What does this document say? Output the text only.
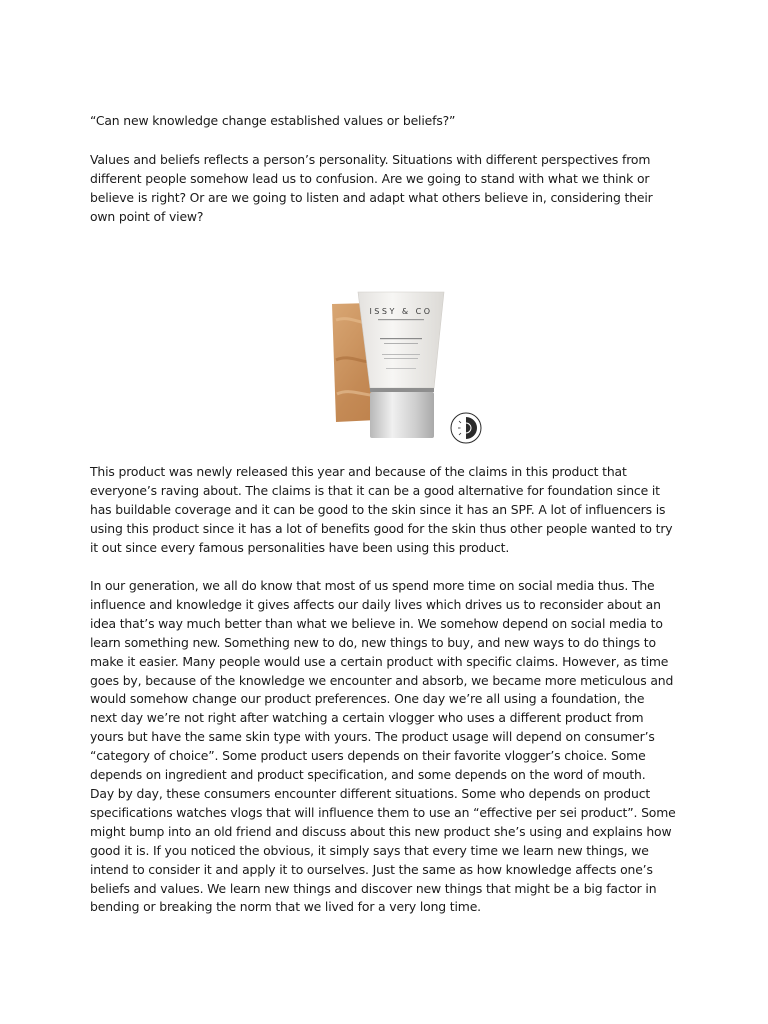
“Can new knowledge change established values or beliefs?”

Values and beliefs reflects a person’s personality. Situations with different perspectives from
different people somehow lead us to confusion. Are we going to stand with what we think or
believe is right? Or are we going to listen and adapt what others believe in, considering their
own point of view?

ISSY & CO

This product was newly released this year and because of the claims in this product that
everyone’s raving about. The claims is that it can be a good alternative for foundation since it
has buildable coverage and it can be good to the skin since it has an SPF. A lot of influencers is
using this product since it has a lot of benefits good for the skin thus other people wanted to try
it out since every famous personalities have been using this product.

In our generation, we all do know that most of us spend more time on social media thus. The
influence and knowledge it gives affects our daily lives which drives us to reconsider about an
idea that’s way much better than what we believe in. We somehow depend on social media to
learn something new. Something new to do, new things to buy, and new ways to do things to
make it easier. Many people would use a certain product with specific claims. However, as time
goes by, because of the knowledge we encounter and absorb, we became more meticulous and
would somehow change our product preferences. One day we’re all using a foundation, the
next day we’re not right after watching a certain vlogger who uses a different product from
yours but have the same skin type with yours. The product usage will depend on consumer’s
“category of choice”. Some product users depends on their favorite vlogger’s choice. Some
depends on ingredient and product specification, and some depends on the word of mouth.
Day by day, these consumers encounter different situations. Some who depends on product
specifications watches vlogs that will influence them to use an “effective per sei product”. Some
might bump into an old friend and discuss about this new product she’s using and explains how
good it is. If you noticed the obvious, it simply says that every time we learn new things, we
intend to consider it and apply it to ourselves. Just the same as how knowledge affects one’s
beliefs and values. We learn new things and discover new things that might be a big factor in
bending or breaking the norm that we lived for a very long time.
